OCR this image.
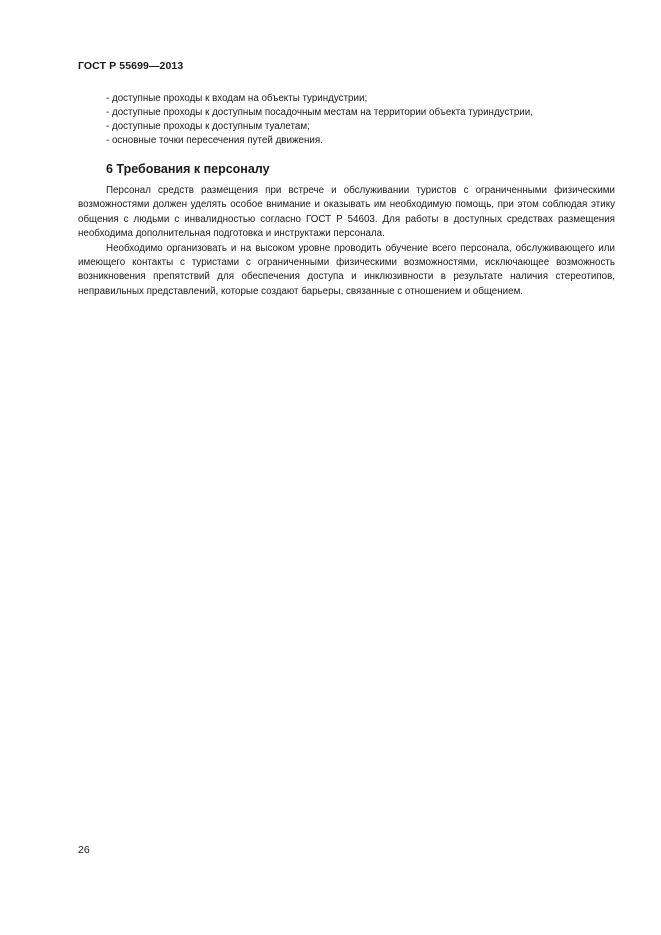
ГОСТ Р 55699—2013
- доступные проходы к входам на объекты туриндустрии;
- доступные проходы к доступным посадочным местам на территории объекта туриндустрии,
- доступные проходы к доступным туалетам;
- основные точки пересечения путей движения.
6 Требования к персоналу

Персонал средств размещения при встрече и обслуживании туристов с ограниченными физическими возможностями должен уделять особое внимание и оказывать им необходимую помощь, при этом соблюдая этику общения с людьми с инвалидностью согласно ГОСТ Р 54603. Для работы в доступных средствах размещения необходима дополнительная подготовка и инструктажи персонала.

Необходимо организовать и на высоком уровне проводить обучение всего персонала, обслуживающего или имеющего контакты с туристами с ограниченными физическими возможностями, исключающее возможность возникновения препятствий для обеспечения доступа и инклюзивности в результате наличия стереотипов, неправильных представлений, которые создают барьеры, связанные с отношением и общением.

26
